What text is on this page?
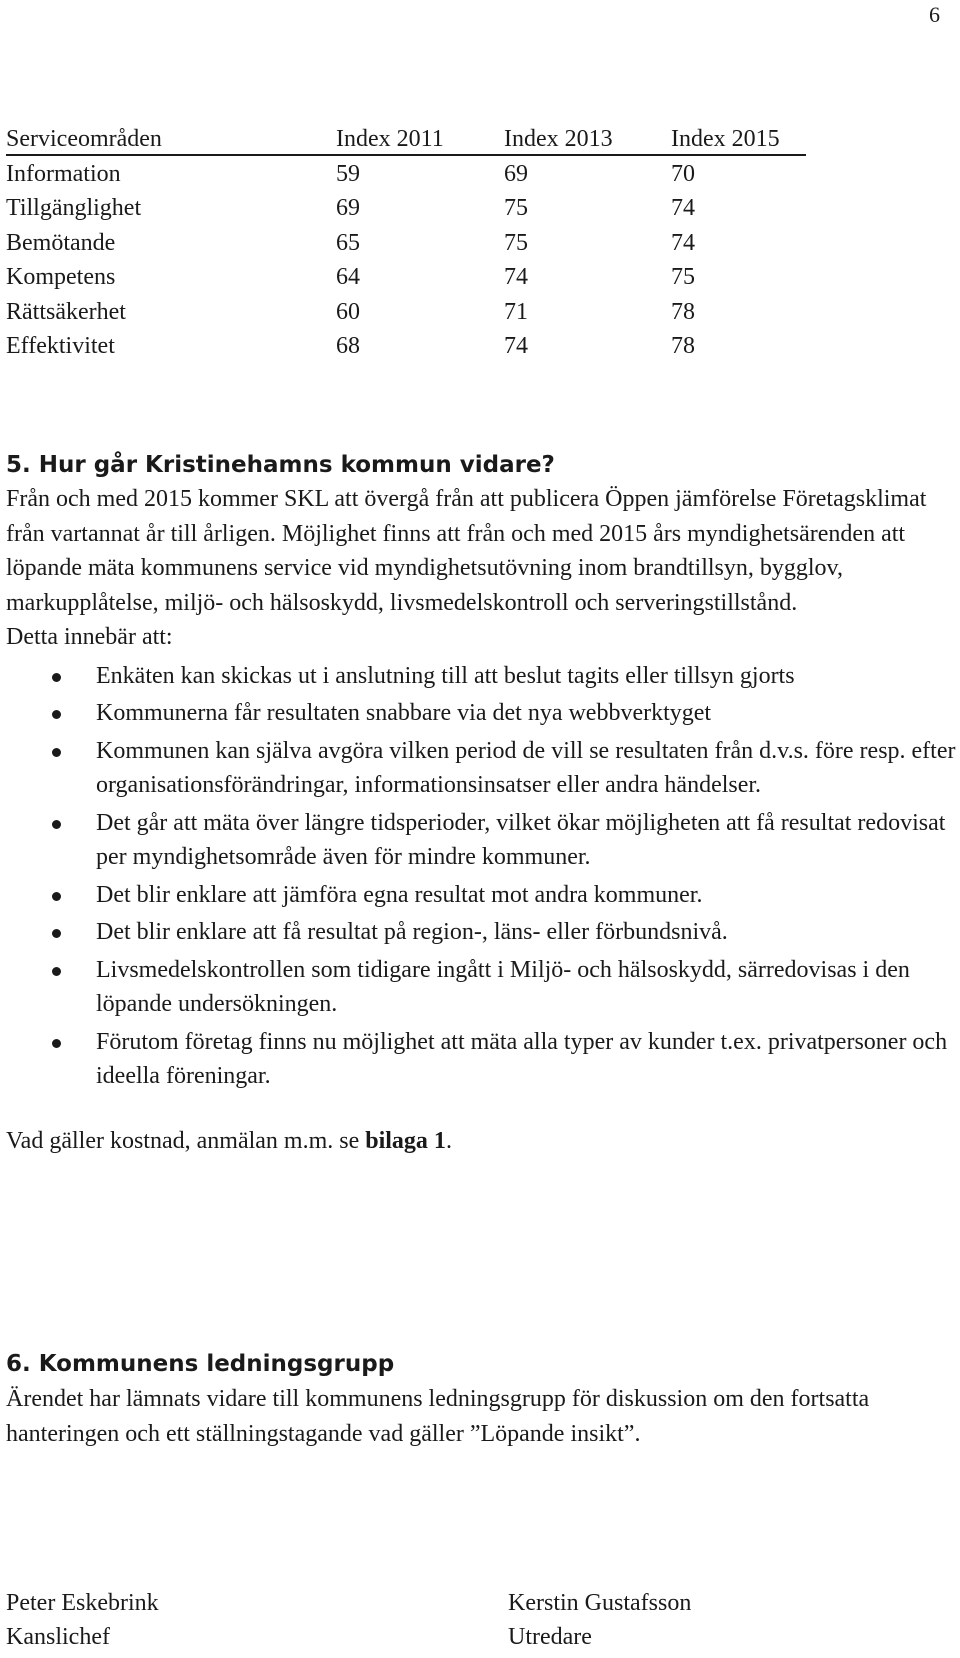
6
Serviceområden	Index 2011	Index 2013 Index 2015
Information	59	69	70
Tillgänglighet	69	75	74
Bemötande	65	75	74
Kompetens	64	74	75
Rättsäkerhet	60	71	78
Effektivitet	68	74	78
5. Hur går Kristinehamns kommun vidare?
Från och med 2015 kommer SKL att övergå från att publicera Öppen jämförelse Företagsklimat från vartannat år till årligen. Möjlighet finns att från och med 2015 års myndighetsärenden att löpande mäta kommunens service vid myndighetsutövning inom brandtillsyn, bygglov, markupplåtelse, miljö- och hälsoskydd, livsmedelskontroll och serveringstillstånd.
Detta innebär att:
Enkäten kan skickas ut i anslutning till att beslut tagits eller tillsyn gjorts
Kommunerna får resultaten snabbare via det nya webbverktyget
Kommunen kan själva avgöra vilken period de vill se resultaten från d.v.s. före resp. efter organisationsförändringar, informationsinsatser eller andra händelser.
Det går att mäta över längre tidsperioder, vilket ökar möjligheten att få resultat redovisat per myndighetsområde även för mindre kommuner.
Det blir enklare att jämföra egna resultat mot andra kommuner.
Det blir enklare att få resultat på region-, läns- eller förbundsnivå.
Livsmedelskontrollen som tidigare ingått i Miljö- och hälsoskydd, särredovisas i den löpande undersökningen.
Förutom företag finns nu möjlighet att mäta alla typer av kunder t.ex. privatpersoner och ideella föreningar.
Vad gäller kostnad, anmälan m.m. se bilaga 1.
6. Kommunens ledningsgrupp
Ärendet har lämnats vidare till kommunens ledningsgrupp för diskussion om den fortsatta hanteringen och ett ställningstagande vad gäller ”Löpande insikt”.
Peter Eskebrink
Kanslichef
Kerstin Gustafsson
Utredare
